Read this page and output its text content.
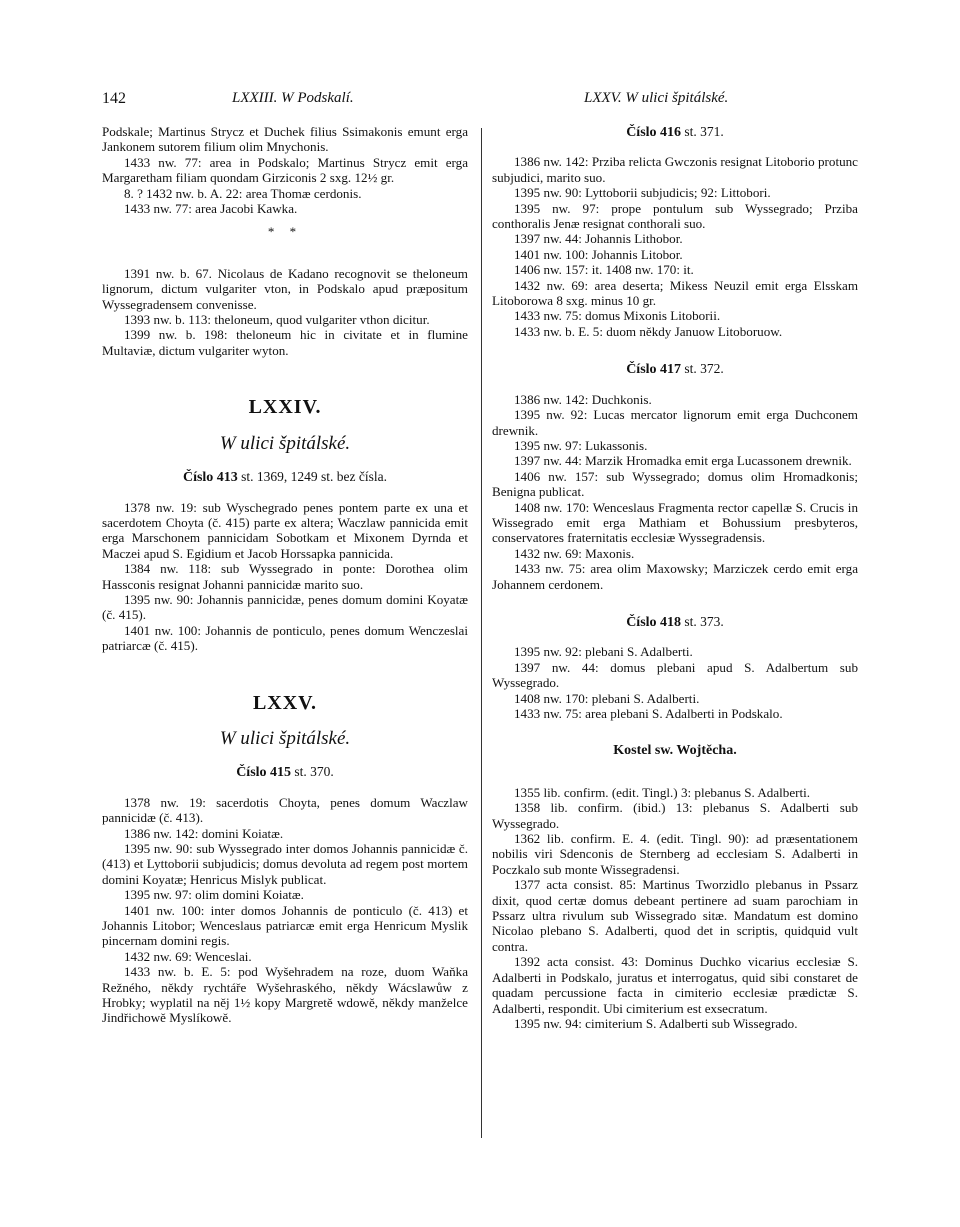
142	LXXIII. W Podskalí.	LXXV. W ulici špitálské.

Podskale; Martinus Strycz et Duchek filius Ssimakonis emunt erga Jankonem sutorem filium olim Mnychonis.

1433 nw. 77: area in Podskalo; Martinus Strycz emit erga Margaretham filiam quondam Girziconis 2 sxg. 12½ gr.

8. ? 1432 nw. b. A. 22: area Thomæ cerdonis.

1433 nw. 77: area Jacobi Kawka.

* *

1391 nw. b. 67. Nicolaus de Kadano recognovit se theloneum lignorum, dictum vulgariter vton, in Podskalo apud præpositum Wyssegradensem convenisse.

1393 nw. b. 113: theloneum, quod vulgariter vthon dicitur.

1399 nw. b. 198: theloneum hic in civitate et in flumine Multaviæ, dictum vulgariter wyton.

LXXIV.
W ulici špitálské.
Číslo 413 st. 1369, 1249 st. bez čísla.

1378 nw. 19: sub Wyschegrado penes pontem parte ex una et sacerdotem Choyta (č. 415) parte ex altera; Waczlaw pannicida emit erga Marschonem pannicidam Sobotkam et Mixonem Dyrnda et Maczei apud S. Egidium et Jacob Horssapka pannicida.

1384 nw. 118: sub Wyssegrado in ponte: Dorothea olim Hassconis resignat Johanni pannicidæ marito suo.

1395 nw. 90: Johannis pannicidæ, penes domum domini Koyatæ (č. 415).

1401 nw. 100: Johannis de ponticulo, penes domum Wenczeslai patriarcæ (č. 415).

LXXV.
W ulici špitálské.
Číslo 415 st. 370.

1378 nw. 19: sacerdotis Choyta, penes domum Waczlaw pannicidæ (č. 413).

1386 nw. 142: domini Koiatæ.

1395 nw. 90: sub Wyssegrado inter domos Johannis pannicidæ č. (413) et Lyttoborii subjudicis; domus devoluta ad regem post mortem domini Koyatæ; Henricus Mislyk publicat.

1395 nw. 97: olim domini Koiatæ.

1401 nw. 100: inter domos Johannis de ponticulo (č. 413) et Johannis Litobor; Wenceslaus patriarcæ emit erga Henricum Myslik pincernam domini regis.

1432 nw. 69: Wenceslai.

1433 nw. b. E. 5: pod Wyšehradem na roze, duom Waňka Režného, někdy rychtáře Wyšehraského, někdy Wácslawůw z Hrobky; wyplatil na něj 1½ kopy Margretě wdowě, někdy manželce Jindřichowě Myslíkowě.

Číslo 416 st. 371.

1386 nw. 142: Prziba relicta Gwczonis resignat Litoborio protunc subjudici, marito suo.

1395 nw. 90: Lyttoborii subjudicis; 92: Littobori.

1395 nw. 97: prope pontulum sub Wyssegrado; Prziba conthoralis Jenæ resignat conthorali suo.

1397 nw. 44: Johannis Lithobor.

1401 nw. 100: Johannis Litobor.

1406 nw. 157: it. 1408 nw. 170: it.

1432 nw. 69: area deserta; Mikess Neuzil emit erga Elsskam Litoborowa 8 sxg. minus 10 gr.

1433 nw. 75: domus Mixonis Litoborii.

1433 nw. b. E. 5: duom někdy Januow Litoboruow.

Číslo 417 st. 372.

1386 nw. 142: Duchkonis.

1395 nw. 92: Lucas mercator lignorum emit erga Duchconem drewnik.

1395 nw. 97: Lukassonis.

1397 nw. 44: Marzik Hromadka emit erga Lucassonem drewnik.

1406 nw. 157: sub Wyssegrado; domus olim Hromadkonis; Benigna publicat.

1408 nw. 170: Wenceslaus Fragmenta rector capellæ S. Crucis in Wissegrado emit erga Mathiam et Bohussium presbyteros, conservatores fraternitatis ecclesiæ Wyssegradensis.

1432 nw. 69: Maxonis.

1433 nw. 75: area olim Maxowsky; Marziczek cerdo emit erga Johannem cerdonem.

Číslo 418 st. 373.

1395 nw. 92: plebani S. Adalberti.

1397 nw. 44: domus plebani apud S. Adalbertum sub Wyssegrado.

1408 nw. 170: plebani S. Adalberti.

1433 nw. 75: area plebani S. Adalberti in Podskalo.

Kostel sw. Wojtěcha.

1355 lib. confirm. (edit. Tingl.) 3: plebanus S. Adalberti.

1358 lib. confirm. (ibid.) 13: plebanus S. Adalberti sub Wyssegrado.

1362 lib. confirm. E. 4. (edit. Tingl. 90): ad præsentationem nobilis viri Sdenconis de Sternberg ad ecclesiam S. Adalberti in Poczkalo sub monte Wissegradensi.

1377 acta consist. 85: Martinus Tworzidlo plebanus in Pssarz dixit, quod certæ domus debeant pertinere ad suam parochiam in Pssarz ultra rivulum sub Wissegrado sitæ. Mandatum est domino Nicolao plebano S. Adalberti, quod det in scriptis, quidquid vult contra.

1392 acta consist. 43: Dominus Duchko vicarius ecclesiæ S. Adalberti in Podskalo, juratus et interrogatus, quid sibi constaret de quadam percussione facta in cimiterio ecclesiæ prædictæ S. Adalberti, respondit. Ubi cimiterium est exsecratum.

1395 nw. 94: cimiterium S. Adalberti sub Wissegrado.
